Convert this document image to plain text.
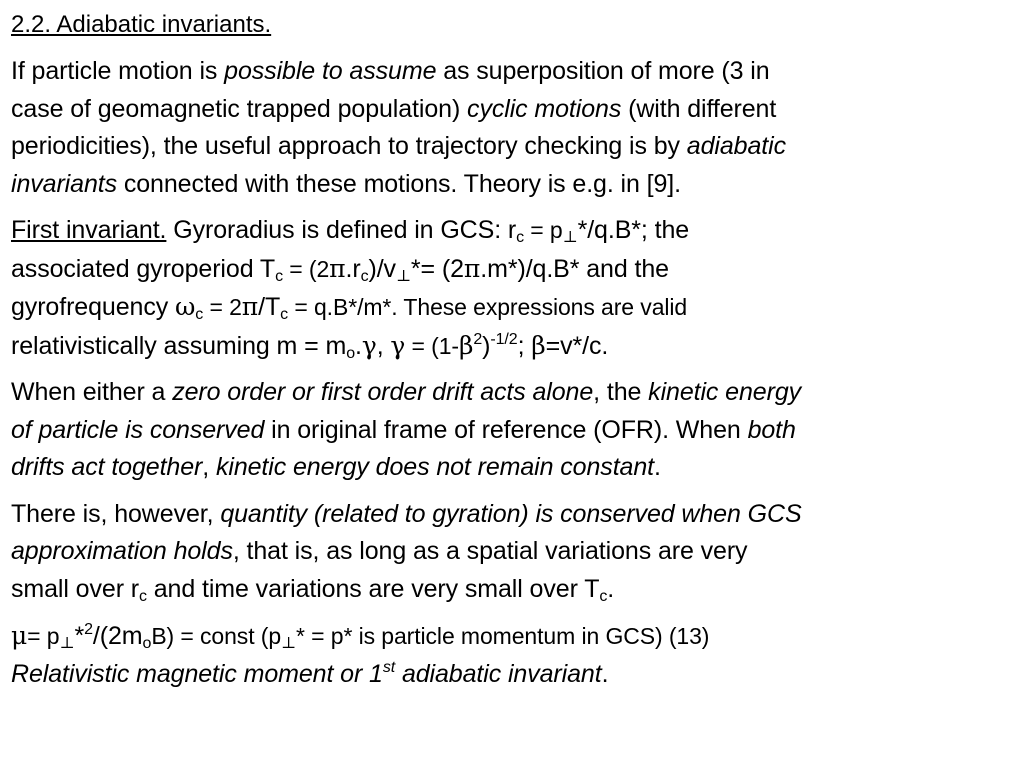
2.2. Adiabatic invariants.
If particle motion is possible to assume as superposition of more (3 in
case of geomagnetic trapped population) cyclic motions (with different
periodicities), the useful approach to trajectory checking is by adiabatic
invariants connected with these motions. Theory is e.g. in [9].
First invariant. Gyroradius is defined in GCS: $r_c = p_\perp*/q.B*$; the
associated gyroperiod $T_c = (2\pi.r_c)/v_\perp*= (2\pi.m*)/q.B*$ and the
gyrofrequency $\omega_c = 2\pi/T_c = q.B*/m*$. These expressions are valid
relativistically assuming $m = m_o.\gamma$, $\gamma = (1-\beta^2)^{-1/2}$; β=v*/c.
When either a zero order or first order drift acts alone, the kinetic energy
of particle is conserved in original frame of reference (OFR). When both
drifts act together, kinetic energy does not remain constant.
There is, however, quantity (related to gyration) is conserved when GCS
approximation holds, that is, as long as a spatial variations are very
small over $r_c$ and time variations are very small over $T_c$.
$\mu= p_\perp*^2/(2m_oB)$ = const ($p_\perp* = p*$ is particle momentum in GCS) (13)
Relativistic magnetic moment or 1st adiabatic invariant.
